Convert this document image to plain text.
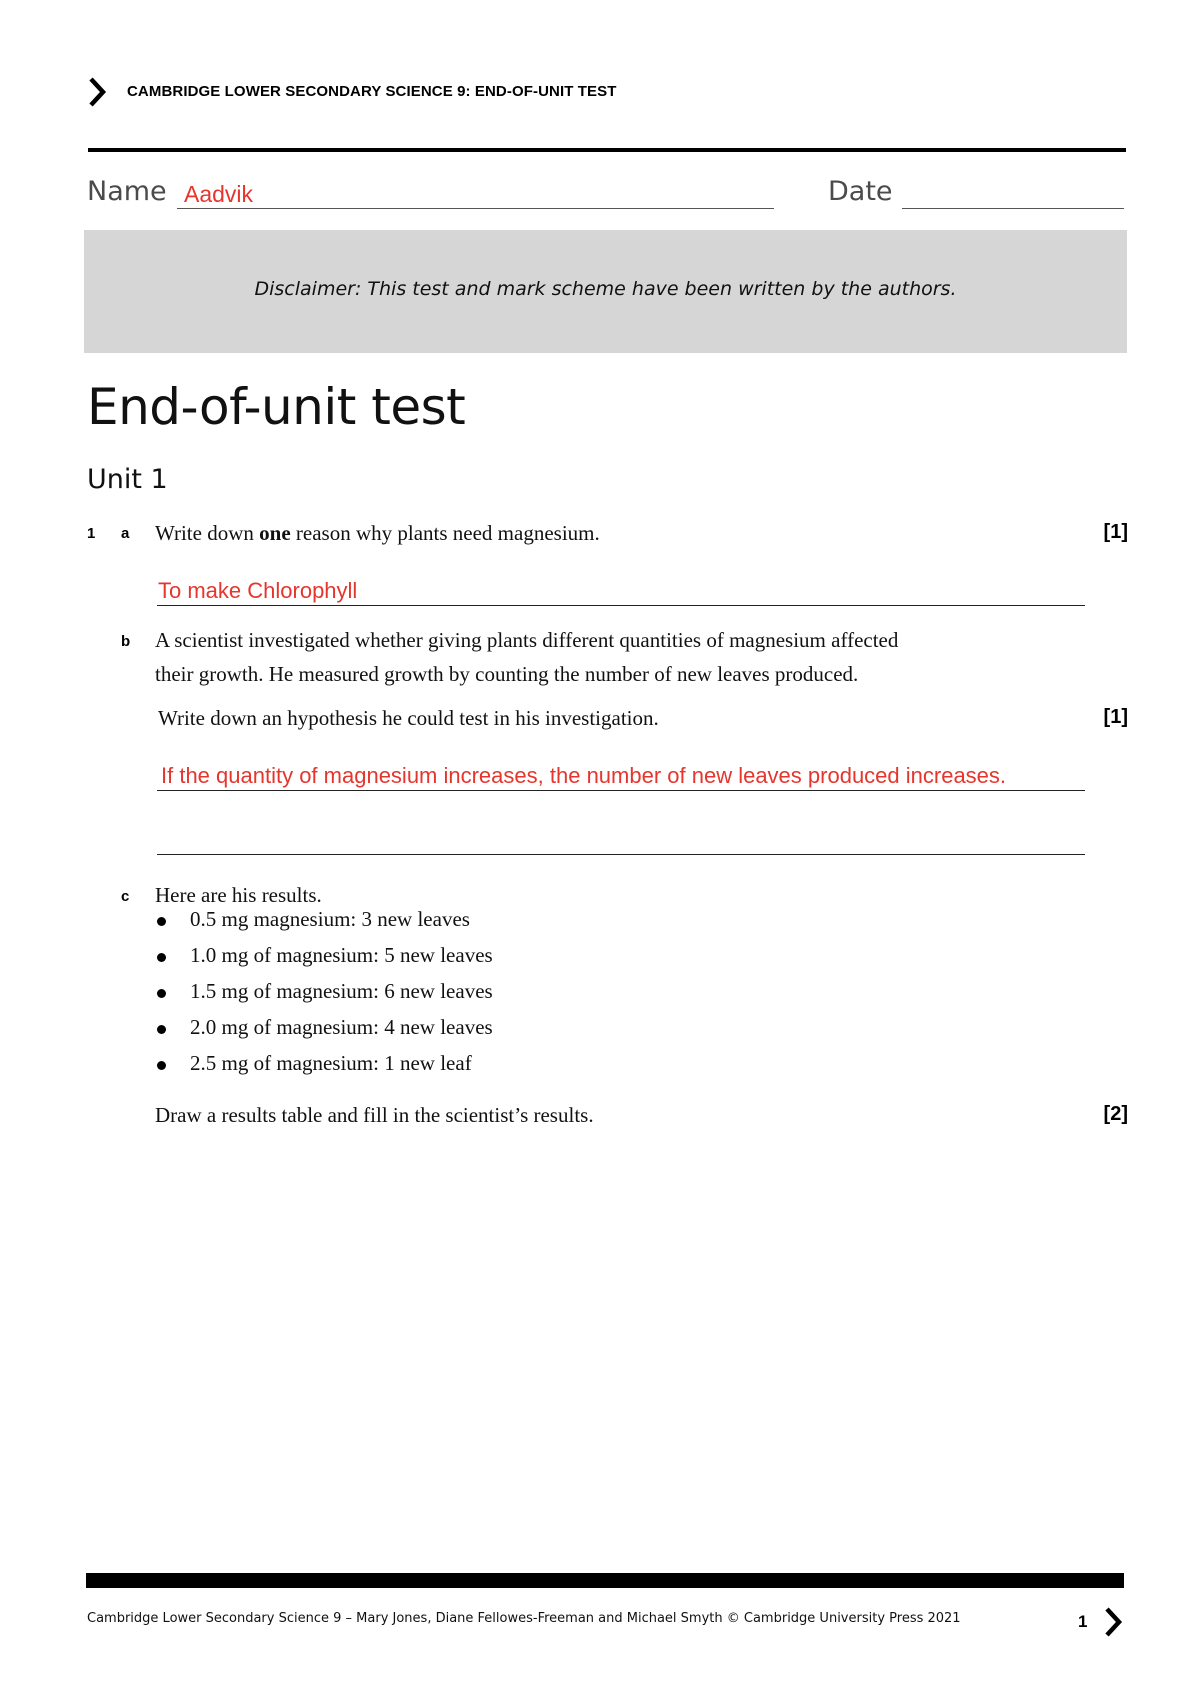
CAMBRIDGE LOWER SECONDARY SCIENCE 9: END-OF-UNIT TEST
Name Aadvik	Date
Disclaimer: This test and mark scheme have been written by the authors.
End-of-unit test
Unit 1
1 a Write down one reason why plants need magnesium.	[1]
To make Chlorophyll
b A scientist investigated whether giving plants different quantities of magnesium affected
their growth. He measured growth by counting the number of new leaves produced.
Write down an hypothesis he could test in his investigation.	[1]
If the quantity of magnesium increases, the number of new leaves produced increases.
c Here are his results.
0.5 mg magnesium: 3 new leaves
1.0 mg of magnesium: 5 new leaves
1.5 mg of magnesium: 6 new leaves
2.0 mg of magnesium: 4 new leaves
2.5 mg of magnesium: 1 new leaf
Draw a results table and fill in the scientist’s results.	[2]
Cambridge Lower Secondary Science 9 – Mary Jones, Diane Fellowes-Freeman and Michael Smyth © Cambridge University Press 2021	1
